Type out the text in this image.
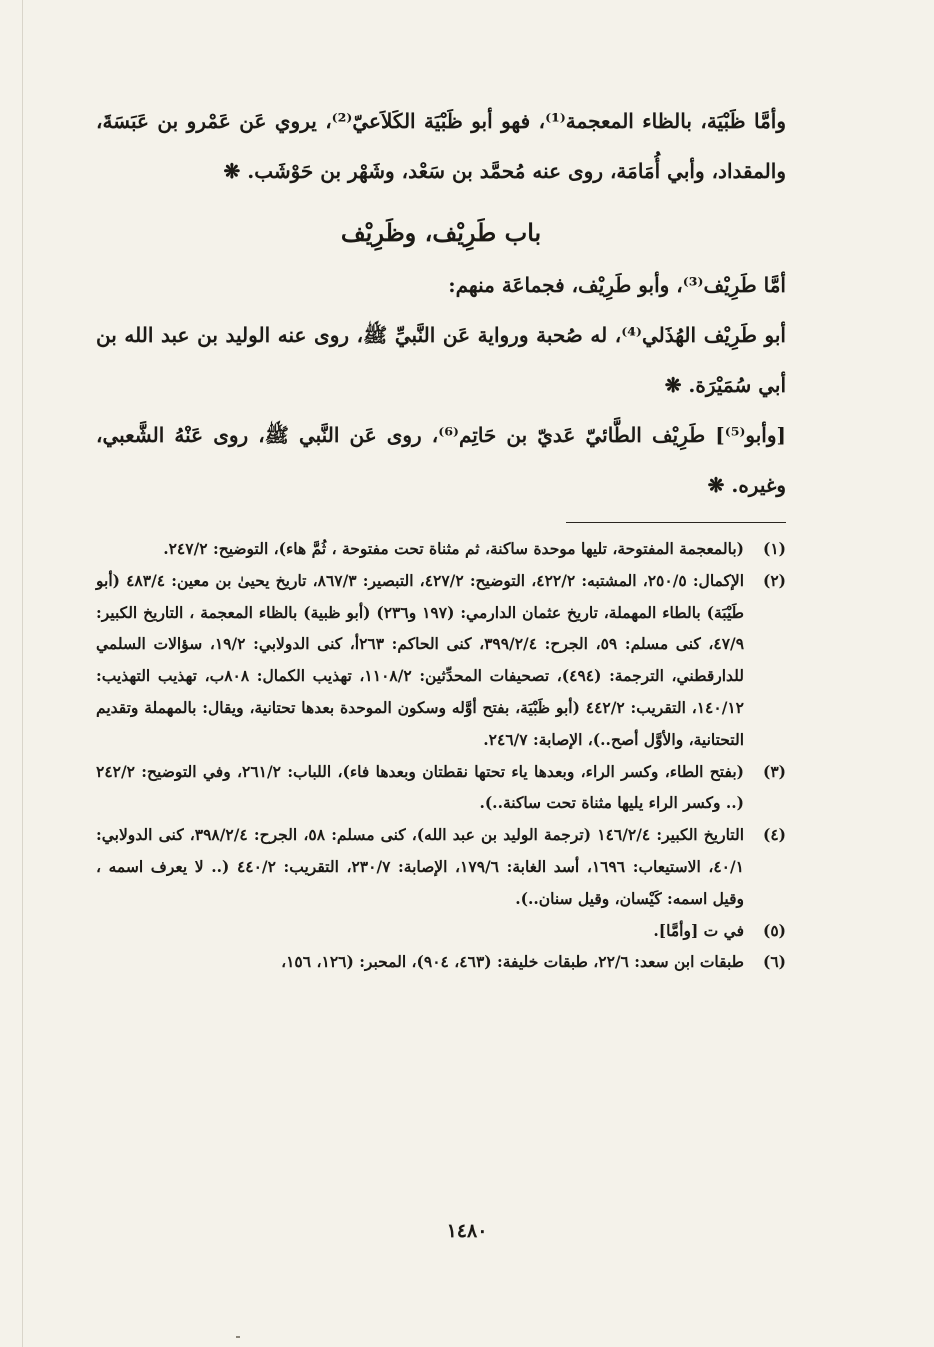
وأمَّا ظَبْيَة، بالظاء المعجمة⁽¹⁾، فهو أبو ظَبْيَة الكَلاَعيّ⁽²⁾، يروي عَن عَمْرو بن عَبَسَةَ، والمقداد، وأبي أُمَامَة، روى عنه مُحمَّد بن سَعْد، وشَهْر بن حَوْشَب. ❋

باب طَرِيْف، وظَرِيْف

أمَّا طَرِيْف⁽³⁾، وأبو طَرِيْف، فجماعَة منهم:

أبو طَرِيْف الهُذَلي⁽⁴⁾، له صُحبة ورواية عَن النَّبيِّ ﷺ، روى عنه الوليد بن عبد الله بن أبي سُمَيْرَة. ❋

[وأبو⁽⁵⁾] طَرِيْف الطَّائيّ عَديّ بن حَاتِم⁽⁶⁾، روى عَن النَّبي ﷺ، روى عَنْهُ الشَّعبي، وغيره. ❋

(١)
(بالمعجمة المفتوحة، تليها موحدة ساكنة، ثم مثناة تحت مفتوحة ، ثُمَّ هاء)، التوضيح: ٢٤٧/٢.

(٢)
الإكمال: ٢٥٠/٥، المشتبه: ٤٢٢/٢، التوضيح: ٤٢٧/٢، التبصير: ٨٦٧/٣، تاريخ يحيىٰ بن معين: ٤٨٣/٤ (أبو طَيْبَة) بالطاء المهملة، تاريخ عثمان الدارمي: (١٩٧ و٢٣٦) (أبو ظبية) بالظاء المعجمة ، التاريخ الكبير: ٤٧/٩، كنى مسلم: ٥٩، الجرح: ٣٩٩/٢/٤، كنى الحاكم: ٢٦٣أ، كنى الدولابي: ١٩/٢، سؤالات السلمي للدارقطني، الترجمة: (٤٩٤)، تصحيفات المحدِّثين: ١١٠٨/٢، تهذيب الكمال: ٨٠٨ب، تهذيب التهذيب: ١٤٠/١٢، التقريب: ٤٤٢/٢ (أبو ظَبْيَة، بفتح أوَّله وسكون الموحدة بعدها تحتانية، ويقال: بالمهملة وتقديم التحتانية، والأوَّل أصح..)، الإصابة: ٢٤٦/٧.

(٣)
(بفتح الطاء، وكسر الراء، وبعدها ياء تحتها نقطتان وبعدها فاء)، اللباب: ٢٦١/٢، وفي التوضيح: ٢٤٢/٢ (.. وكسر الراء يليها مثناة تحت ساكنة..).

(٤)
التاريخ الكبير: ١٤٦/٢/٤ (ترجمة الوليد بن عبد الله)، كنى مسلم: ٥٨، الجرح: ٣٩٨/٢/٤، كنى الدولابي: ٤٠/١، الاستيعاب: ١٦٩٦، أسد الغابة: ١٧٩/٦، الإصابة: ٢٣٠/٧، التقريب: ٤٤٠/٢ (.. لا يعرف اسمه ، وقيل اسمه: كَيْسان، وقيل سنان..).

(٥)
في ت [وأمَّا].

(٦)
طبقات ابن سعد: ٢٢/٦، طبقات خليفة: (٤٦٣، ٩٠٤)، المحبر: (١٢٦، ١٥٦،

١٤٨٠
